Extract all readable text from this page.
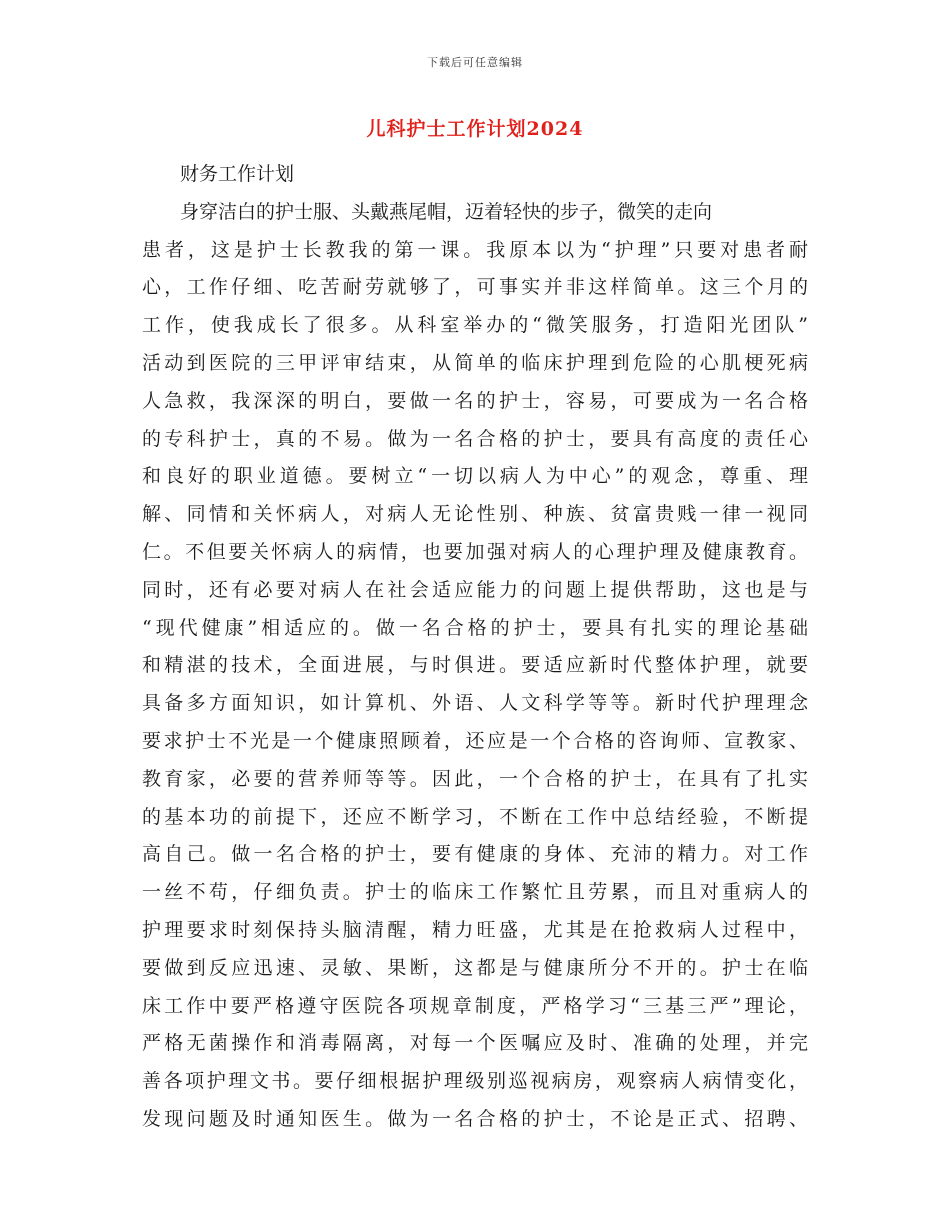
下载后可任意编辑
儿科护士工作计划2024
财务工作计划
身穿洁白的护士服、头戴燕尾帽，迈着轻快的步子，微笑的走向
患者，这是护士长教我的第一课。我原本以为“护理”只要对患者耐
心，工作仔细、吃苦耐劳就够了，可事实并非这样简单。这三个月的
工作，使我成长了很多。从科室举办的“微笑服务，打造阳光团队”
活动到医院的三甲评审结束，从简单的临床护理到危险的心肌梗死病
人急救，我深深的明白，要做一名的护士，容易，可要成为一名合格
的专科护士，真的不易。做为一名合格的护士，要具有高度的责任心
和良好的职业道德。要树立“一切以病人为中心”的观念，尊重、理
解、同情和关怀病人，对病人无论性别、种族、贫富贵贱一律一视同
仁。不但要关怀病人的病情，也要加强对病人的心理护理及健康教育。
同时，还有必要对病人在社会适应能力的问题上提供帮助，这也是与
“现代健康”相适应的。做一名合格的护士，要具有扎实的理论基础
和精湛的技术，全面进展，与时俱进。要适应新时代整体护理，就要
具备多方面知识，如计算机、外语、人文科学等等。新时代护理理念
要求护士不光是一个健康照顾着，还应是一个合格的咨询师、宣教家、
教育家，必要的营养师等等。因此，一个合格的护士，在具有了扎实
的基本功的前提下，还应不断学习，不断在工作中总结经验，不断提
高自己。做一名合格的护士，要有健康的身体、充沛的精力。对工作
一丝不苟，仔细负责。护士的临床工作繁忙且劳累，而且对重病人的
护理要求时刻保持头脑清醒，精力旺盛，尤其是在抢救病人过程中，
要做到反应迅速、灵敏、果断，这都是与健康所分不开的。护士在临
床工作中要严格遵守医院各项规章制度，严格学习“三基三严”理论，
严格无菌操作和消毒隔离，对每一个医嘱应及时、准确的处理，并完
善各项护理文书。要仔细根据护理级别巡视病房，观察病人病情变化，
发现问题及时通知医生。做为一名合格的护士，不论是正式、招聘、
